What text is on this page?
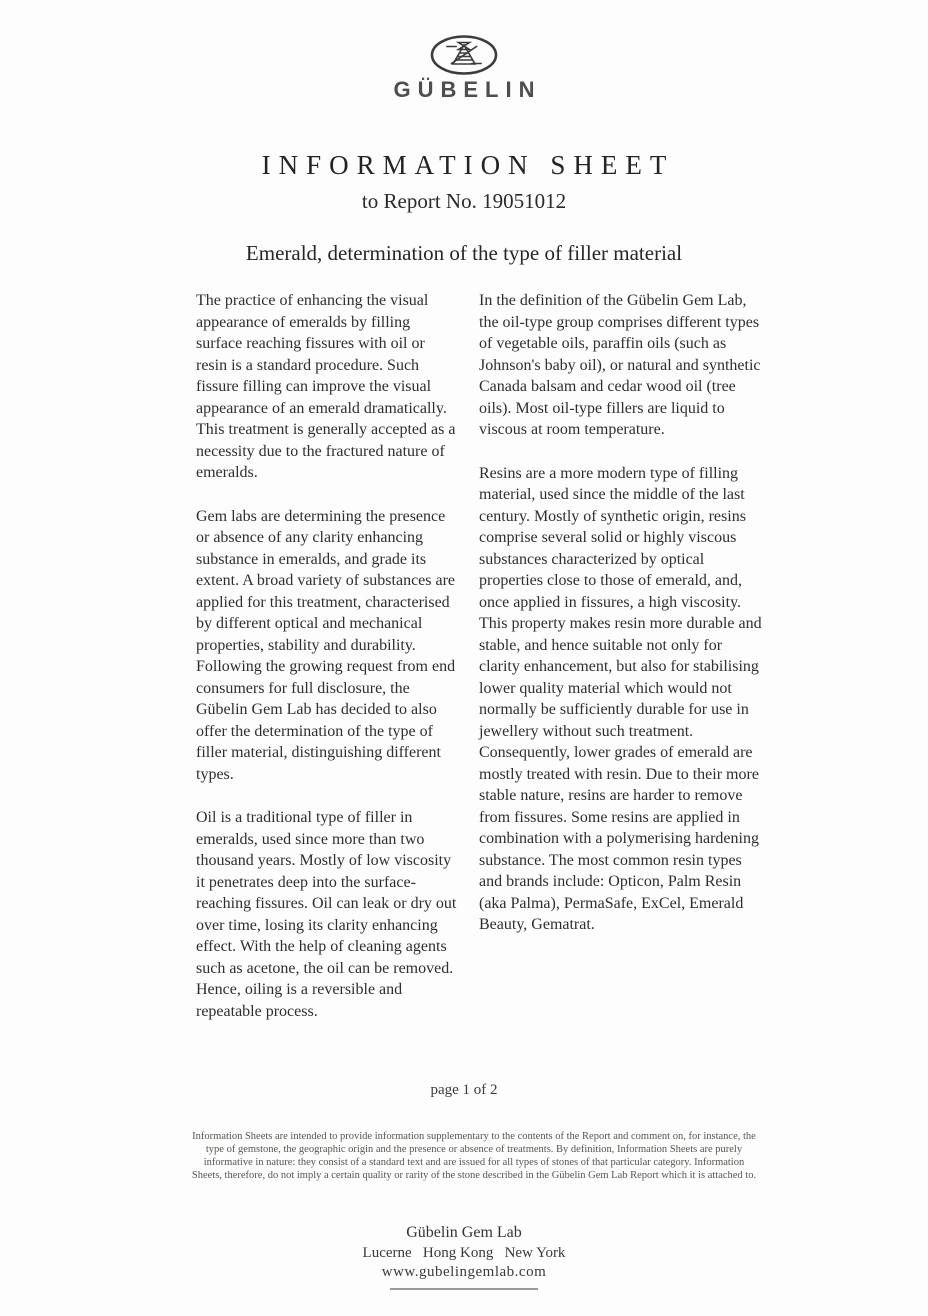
GÜBELIN
INFORMATION SHEET
to Report No. 19051012
Emerald, determination of the type of filler material

The practice of enhancing the visual appearance of emeralds by filling surface reaching fissures with oil or resin is a standard procedure. Such fissure filling can improve the visual appearance of an emerald dramatically. This treatment is generally accepted as a necessity due to the fractured nature of emeralds.

Gem labs are determining the presence or absence of any clarity enhancing substance in emeralds, and grade its extent. A broad variety of substances are applied for this treatment, characterised by different optical and mechanical properties, stability and durability. Following the growing request from end consumers for full disclosure, the Gübelin Gem Lab has decided to also offer the determination of the type of filler material, distinguishing different types.

Oil is a traditional type of filler in emeralds, used since more than two thousand years. Mostly of low viscosity it penetrates deep into the surface-reaching fissures. Oil can leak or dry out over time, losing its clarity enhancing effect. With the help of cleaning agents such as acetone, the oil can be removed. Hence, oiling is a reversible and repeatable process.

In the definition of the Gübelin Gem Lab, the oil-type group comprises different types of vegetable oils, paraffin oils (such as Johnson's baby oil), or natural and synthetic Canada balsam and cedar wood oil (tree oils). Most oil-type fillers are liquid to viscous at room temperature.

Resins are a more modern type of filling material, used since the middle of the last century. Mostly of synthetic origin, resins comprise several solid or highly viscous substances characterized by optical properties close to those of emerald, and, once applied in fissures, a high viscosity. This property makes resin more durable and stable, and hence suitable not only for clarity enhancement, but also for stabilising lower quality material which would not normally be sufficiently durable for use in jewellery without such treatment. Consequently, lower grades of emerald are mostly treated with resin. Due to their more stable nature, resins are harder to remove from fissures. Some resins are applied in combination with a polymerising hardening substance. The most common resin types and brands include: Opticon, Palm Resin (aka Palma), PermaSafe, ExCel, Emerald Beauty, Gematrat.

page 1 of 2
Information Sheets are intended to provide information supplementary to the contents of the Report and comment on, for instance, the type of gemstone, the geographic origin and the presence or absence of treatments. By definition, Information Sheets are purely informative in nature: they consist of a standard text and are issued for all types of stones of that particular category. Information Sheets, therefore, do not imply a certain quality or rarity of the stone described in the Gübelin Gem Lab Report which it is attached to.
Gübelin Gem Lab
Lucerne   Hong Kong   New York
www.gubelingemlab.com
